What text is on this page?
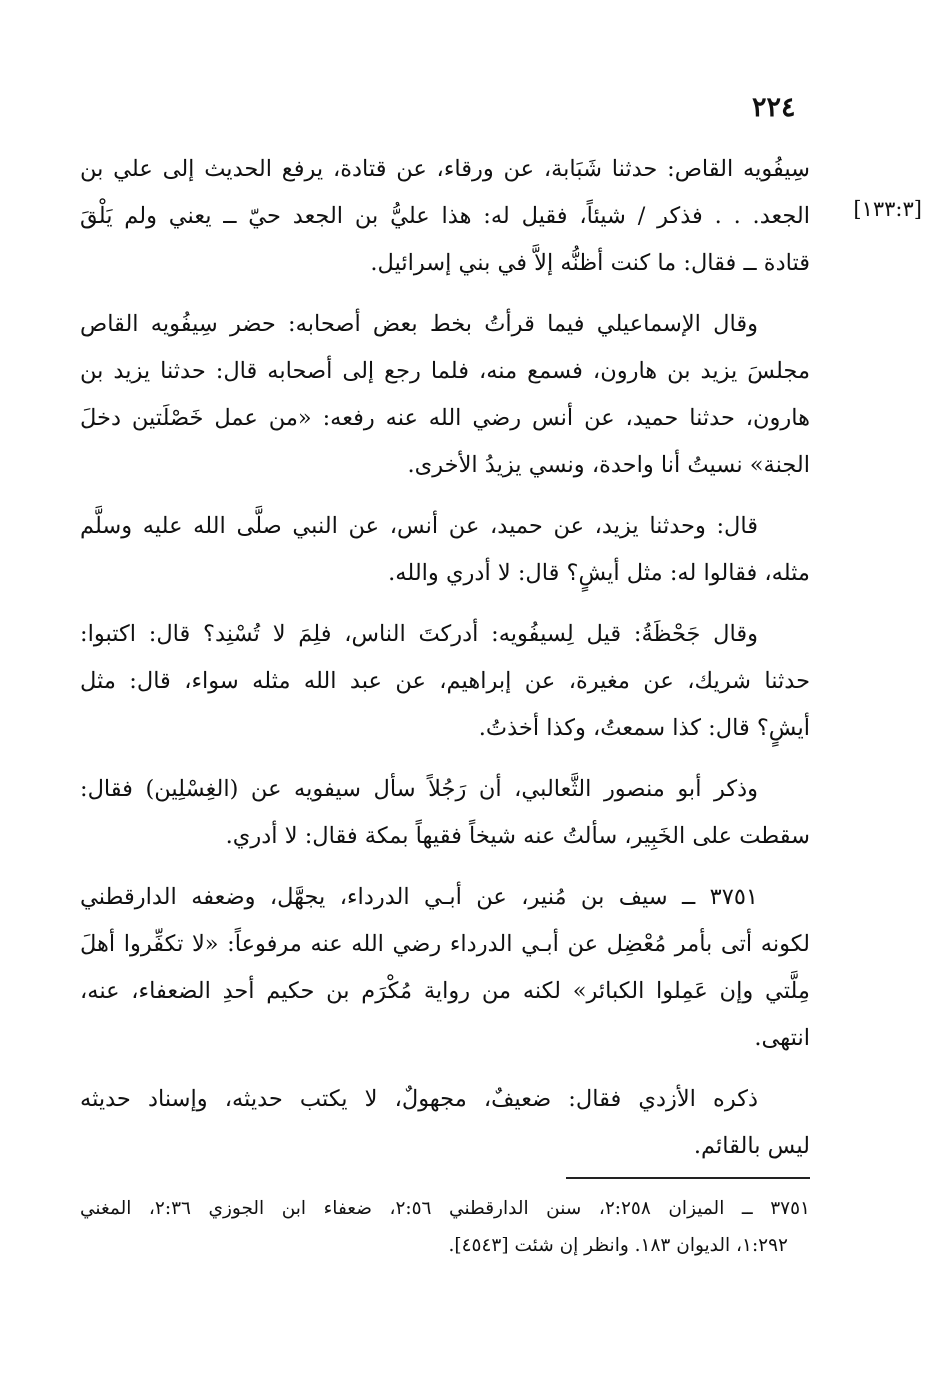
٢٢٤
[١٣٣:٣]
سِيفُويه القاص: حدثنا شَبَابة، عن ورقاء، عن قتادة، يرفع الحديث إلى علي بن
الجعد. . . فذكر / شيئاً، فقيل له: هذا عليُّ بن الجعد حيّ ــ يعني ولم يَلْقَ
قتادة ــ فقال: ما كنت أظنُّه إلاَّ في بني إسرائيل.
وقال الإسماعيلي فيما قرأتُ بخط بعض أصحابه: حضر سِيفُويه القاص
مجلسَ يزيد بن هارون، فسمع منه، فلما رجع إلى أصحابه قال: حدثنا يزيد بن
هارون، حدثنا حميد، عن أنس رضي الله عنه رفعه: «من عمل خَصْلَتين دخلَ
الجنة» نسيتُ أنا واحدة، ونسي يزيدُ الأخرى.
قال: وحدثنا يزيد، عن حميد، عن أنس، عن النبي صلَّى الله عليه وسلَّم
مثله، فقالوا له: مثل أيشٍ؟ قال: لا أدري والله.
وقال جَحْظَةُ: قيل لِسيفُويه: أدركتَ الناس، فلِمَ لا تُسْنِد؟ قال: اكتبوا:
حدثنا شريك، عن مغيرة، عن إبراهيم، عن عبد الله مثله سواء، قال: مثل
أيشٍ؟ قال: كذا سمعتُ، وكذا أخذتُ.
وذكر أبو منصور الثَّعالبي، أن رَجُلاً سأل سيفويه عن (الغِسْلِين) فقال:
سقطت على الخَبِير، سألتُ عنه شيخاً فقيهاً بمكة فقال: لا أدري.
٣٧٥١ ــ سيف بن مُنير، عن أبـي الدرداء، يجهَّل، وضعفه الدارقطني
لكونه أتى بأمر مُعْضِل عن أبـي الدرداء رضي الله عنه مرفوعاً: «لا تكفِّروا أهلَ
مِلَّتي وإن عَمِلوا الكبائر» لكنه من رواية مُكْرَم بن حكيم أحدِ الضعفاء، عنه،
انتهى.
ذكره الأزدي فقال: ضعيفٌ، مجهولٌ، لا يكتب حديثه، وإسناد حديثه
ليس بالقائم.
٣٧٥١ ــ الميزان ٢:٢٥٨، سنن الدارقطني ٢:٥٦، ضعفاء ابن الجوزي ٢:٣٦، المغني
١:٢٩٢، الديوان ١٨٣. وانظر إن شئت [٤٥٤٣].
